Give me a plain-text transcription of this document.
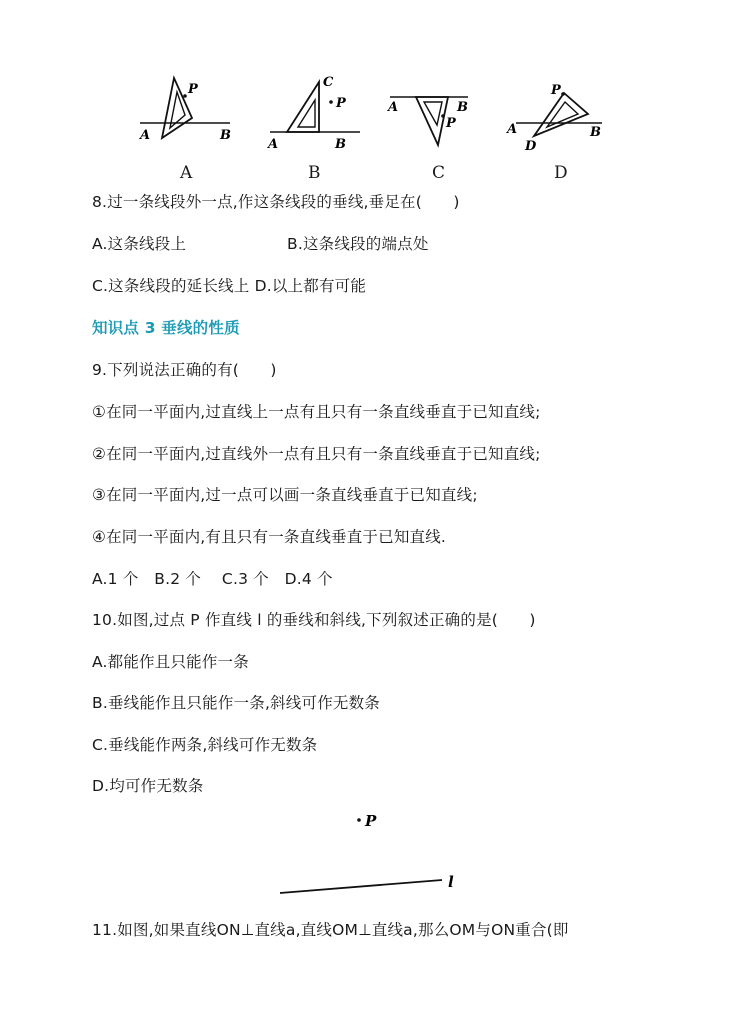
P
A	B
A
C
P
A	B
B
A	B
P
C
P
A	B
D
D
8.过一条线段外一点,作这条线段的垂线,垂足在(　　)
A.这条线段上	B.这条线段的端点处
C.这条线段的延长线上 D.以上都有可能
知识点 3 垂线的性质
9.下列说法正确的有(　　)
①在同一平面内,过直线上一点有且只有一条直线垂直于已知直线;
②在同一平面内,过直线外一点有且只有一条直线垂直于已知直线;
③在同一平面内,过一点可以画一条直线垂直于已知直线;
④在同一平面内,有且只有一条直线垂直于已知直线.
A.1 个　B.2 个　 C.3 个　D.4 个
10.如图,过点 P 作直线 l 的垂线和斜线,下列叙述正确的是(　　)
A.都能作且只能作一条
B.垂线能作且只能作一条,斜线可作无数条
C.垂线能作两条,斜线可作无数条
D.均可作无数条
P
l
11.如图,如果直线ON⊥直线a,直线OM⊥直线a,那么OM与ON重合(即
